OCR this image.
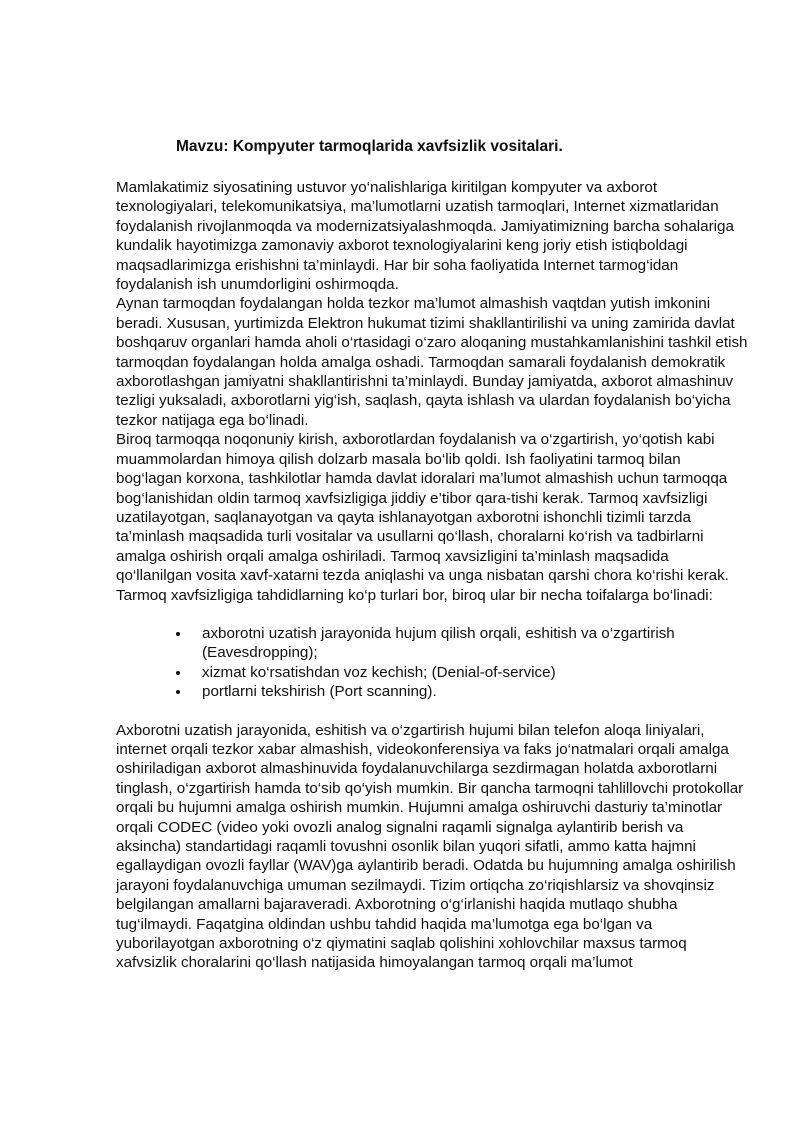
Mavzu: Kompyuter tarmoqlarida xavfsizlik vositalari.

Mamlakatimiz siyosatining ustuvor yo‘nalishlariga kiritilgan kompyuter va axborot texnologiyalari, telekomunikatsiya, ma’lumotlarni uzatish tarmoqlari, Internet xizmatlaridan foydalanish rivojlanmoqda va modernizatsiyalashmoqda. Jamiyatimizning barcha sohalariga kundalik hayotimizga zamonaviy axborot texnologiyalarini keng joriy etish istiqboldagi maqsadlarimizga erishishni ta’minlaydi. Har bir soha faoliyatida Internet tarmog‘idan foydalanish ish unumdorligini oshirmoqda.

Aynan tarmoqdan foydalangan holda tezkor ma’lumot almashish vaqtdan yutish imkonini beradi. Xususan, yurtimizda Elektron hukumat tizimi shakllantirilishi va uning zamirida davlat boshqaruv organlari hamda aholi o‘rtasidagi o‘zaro aloqaning mustahkamlanishini tashkil etish tarmoqdan foydalangan holda amalga oshadi. Tarmoqdan samarali foydalanish demokratik axborotlashgan jamiyatni shakllantirishni ta’minlaydi. Bunday jamiyatda, axborot almashinuv tezligi yuksaladi, axborotlarni yig‘ish, saqlash, qayta ishlash va ulardan foydalanish bo‘yicha tezkor natijaga ega bo‘linadi.

Biroq tarmoqqa noqonuniy kirish, axborotlardan foydalanish va o‘zgartirish, yo‘qotish kabi muammolardan himoya qilish dolzarb masala bo‘lib qoldi. Ish faoliyatini tarmoq bilan bog‘lagan korxona, tashkilotlar hamda davlat idoralari ma’lumot almashish uchun tarmoqqa bog‘lanishidan oldin tarmoq xavfsizligiga jiddiy e’tibor qara-tishi kerak. Tarmoq xavfsizligi uzatilayotgan, saqlanayotgan va qayta ishlanayotgan axborotni ishonchli tizimli tarzda ta’minlash maqsadida turli vositalar va usullarni qo‘llash, choralarni ko‘rish va tadbirlarni amalga oshirish orqali amalga oshiriladi. Tarmoq xavsizligini ta’minlash maqsadida qo‘llanilgan vosita xavf-xatarni tezda aniqlashi va unga nisbatan qarshi chora ko‘rishi kerak. Tarmoq xavfsizligiga tahdidlarning ko‘p turlari bor, biroq ular bir necha toifalarga bo‘linadi:

axborotni uzatish jarayonida hujum qilish orqali, eshitish va o‘zgartirish (Eavesdropping);
xizmat ko‘rsatishdan voz kechish; (Denial-of-service)
portlarni tekshirish (Port scanning).

Axborotni uzatish jarayonida, eshitish va o‘zgartirish hujumi bilan telefon aloqa liniyalari, internet orqali tezkor xabar almashish, videokonferensiya va faks jo‘natmalari orqali amalga oshiriladigan axborot almashinuvida foydalanuvchilarga sezdirmagan holatda axborotlarni tinglash, o‘zgartirish hamda to‘sib qo‘yish mumkin. Bir qancha tarmoqni tahlillovchi protokollar orqali bu hujumni amalga oshirish mumkin. Hujumni amalga oshiruvchi dasturiy ta’minotlar orqali CODEC (video yoki ovozli analog signalni raqamli signalga aylantirib berish va aksincha) standartidagi raqamli tovushni osonlik bilan yuqori sifatli, ammo katta hajmni egallaydigan ovozli fayllar (WAV)ga aylantirib beradi. Odatda bu hujumning amalga oshirilish jarayoni foydalanuvchiga umuman sezilmaydi. Tizim ortiqcha zo‘riqishlarsiz va shovqinsiz belgilangan amallarni bajaraveradi. Axborotning o‘g‘irlanishi haqida mutlaqo shubha tug‘ilmaydi. Faqatgina oldindan ushbu tahdid haqida ma’lumotga ega bo‘lgan va yuborilayotgan axborotning o‘z qiymatini saqlab qolishini xohlovchilar maxsus tarmoq xafvsizlik choralarini qo‘llash natijasida himoyalangan tarmoq orqali ma’lumot
